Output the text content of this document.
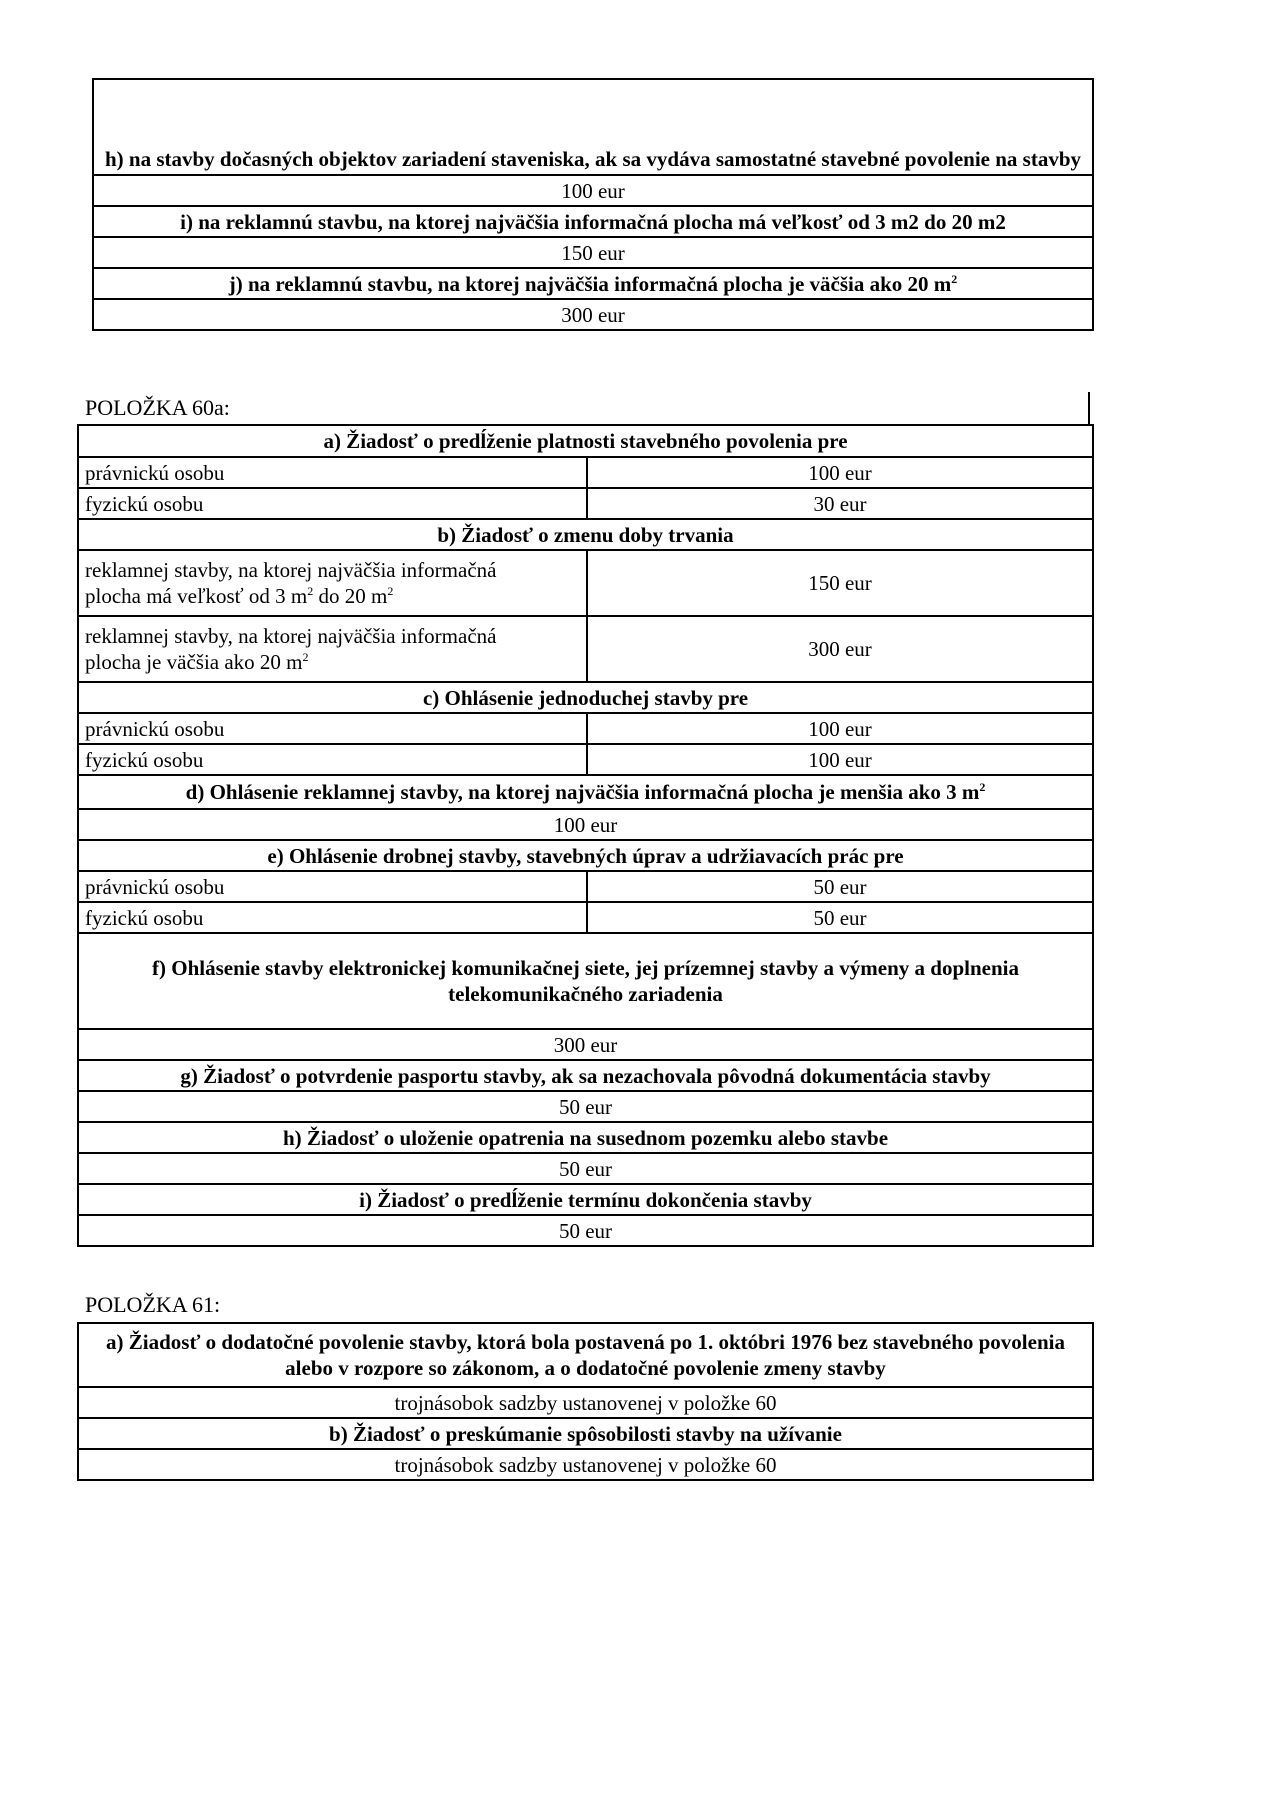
h) na stavby dočasných objektov zariadení staveniska, ak sa vydáva samostatné stavebné povolenie na stavby
100 eur
i) na reklamnú stavbu, na ktorej najväčšia informačná plocha má veľkosť od 3 m2 do 20 m2
150 eur
j) na reklamnú stavbu, na ktorej najväčšia informačná plocha je väčšia ako 20 $m^2$
300 eur
POLOŽKA 60a:
a) Žiadosť o predĺženie platnosti stavebného povolenia pre	
právnickú osobu	100 eur
fyzickú osobu	30 eur
b) Žiadosť o zmenu doby trvania	

reklamnej stavby, na ktorej najväčšia informačná
plocha má veľkosť od 3 $m^2$ do 20 $m^2$	150 eur

reklamnej stavby, na ktorej najväčšia informačná
plocha je väčšia ako 20 $m^2$	300 eur
c) Ohlásenie jednoduchej stavby pre	
právnickú osobu	100 eur
fyzickú osobu	100 eur
d) Ohlásenie reklamnej stavby, na ktorej najväčšia informačná plocha je menšia ako 3 $m^2$
100 eur	
e) Ohlásenie drobnej stavby, stavebných úprav a udržiavacích prác pre	
právnickú osobu	50 eur
fyzickú osobu	50 eur
f) Ohlásenie stavby elektronickej komunikačnej siete, jej prízemnej stavby a výmeny a doplnenia telekomunikačného zariadenia	
300 eur	
g) Žiadosť o potvrdenie pasportu stavby, ak sa nezachovala pôvodná dokumentácia stavby	
50 eur	
h) Žiadosť o uloženie opatrenia na susednom pozemku alebo stavbe	
50 eur	
i) Žiadosť o predĺženie termínu dokončenia stavby	
50 eur	
POLOŽKA 61:
a) Žiadosť o dodatočné povolenie stavby, ktorá bola postavená po 1. októbri 1976 bez stavebného povolenia alebo v rozpore so zákonom, a o dodatočné povolenie zmeny stavby
trojnásobok sadzby ustanovenej v položke 60
b) Žiadosť o preskúmanie spôsobilosti stavby na užívanie
trojnásobok sadzby ustanovenej v položke 60
